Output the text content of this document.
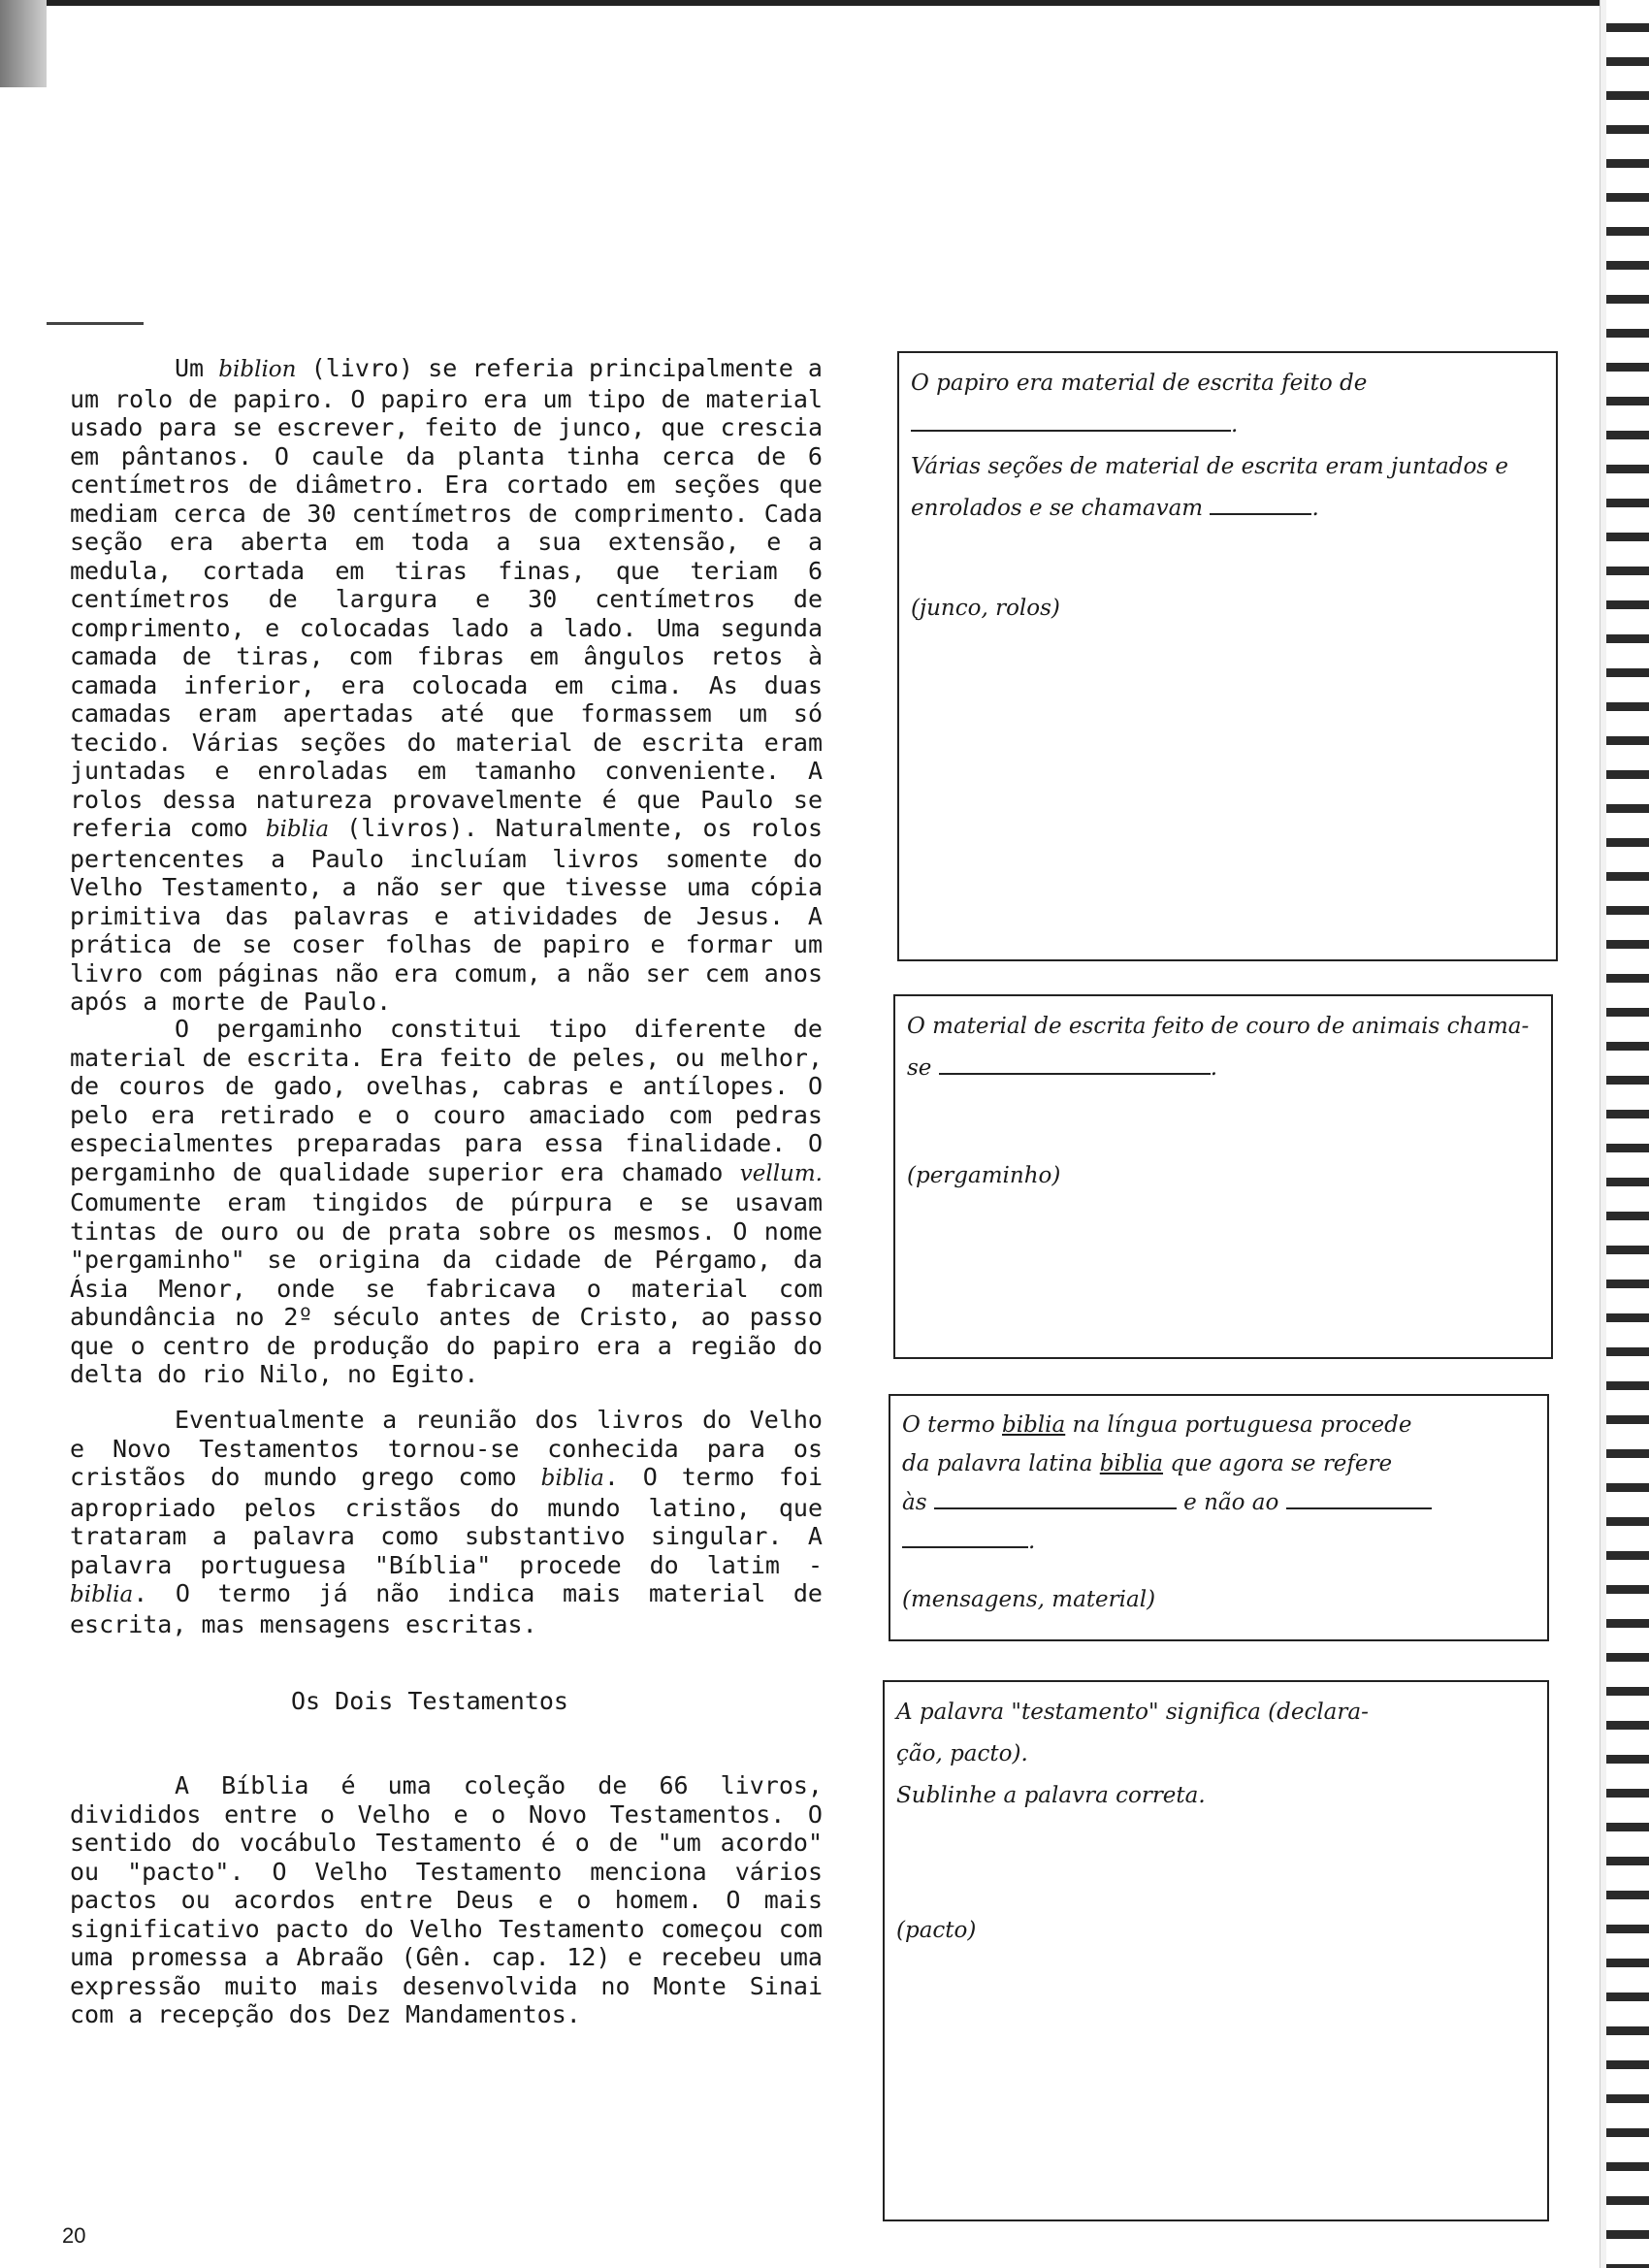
Um biblion (livro) se referia principalmente a um rolo de papiro. O papiro era um tipo de material usado para se escrever, feito de junco, que crescia em pântanos. O caule da planta tinha cerca de 6 centímetros de diâmetro. Era cortado em seções que mediam cerca de 30 centímetros de comprimento. Cada seção era aberta em toda a sua extensão, e a medula, cortada em tiras finas, que teriam 6 centímetros de largura e 30 centímetros de comprimento, e colocadas lado a lado. Uma segunda camada de tiras, com fibras em ângulos retos à camada inferior, era colocada em cima. As duas camadas eram apertadas até que formassem um só tecido. Várias seções do material de escrita eram juntadas e enroladas em tamanho conveniente. A rolos dessa natureza provavelmente é que Paulo se referia como biblia (livros). Naturalmente, os rolos pertencentes a Paulo incluíam livros somente do Velho Testamento, a não ser que tivesse uma cópia primitiva das palavras e atividades de Jesus. A prática de se coser folhas de papiro e formar um livro com páginas não era comum, a não ser cem anos após a morte de Paulo.

O pergaminho constitui tipo diferente de material de escrita. Era feito de peles, ou melhor, de couros de gado, ovelhas, cabras e antílopes. O pelo era retirado e o couro amaciado com pedras especialmentes preparadas para essa finalidade. O pergaminho de qualidade superior era chamado vellum. Comumente eram tingidos de púrpura e se usavam tintas de ouro ou de prata sobre os mesmos. O nome "pergaminho" se origina da cidade de Pérgamo, da Ásia Menor, onde se fabricava o material com abundância no 2º século antes de Cristo, ao passo que o centro de produção do papiro era a região do delta do rio Nilo, no Egito.

Eventualmente a reunião dos livros do Velho e Novo Testamentos tornou-se conhecida para os cristãos do mundo grego como biblia. O termo foi apropriado pelos cristãos do mundo latino, que trataram a palavra como substantivo singular. A palavra portuguesa "Bíblia" procede do latim - biblia. O termo já não indica mais material de escrita, mas mensagens escritas.

Os Dois Testamentos

A Bíblia é uma coleção de 66 livros, divididos entre o Velho e o Novo Testamentos. O sentido do vocábulo Testamento é o de "um acordo" ou "pacto". O Velho Testamento menciona vários pactos ou acordos entre Deus e o homem. O mais significativo pacto do Velho Testamento começou com uma promessa a Abraão (Gên. cap. 12) e recebeu uma expressão muito mais desenvolvida no Monte Sinai com a recepção dos Dez Mandamentos.

O papiro era material de escrita feito de
.
Várias seções de material de escrita eram juntados e enrolados e se chamavam	.
(junco, rolos)
O material de escrita feito de couro de animais chama-se	.
(pergaminho)
O termo biblia na língua portuguesa procede
da palavra latina biblia que agora se refere
às	e não ao
.
(mensagens, material)
A palavra "testamento" significa (declara-
ção, pacto).
Sublinhe a palavra correta.
(pacto)
20
